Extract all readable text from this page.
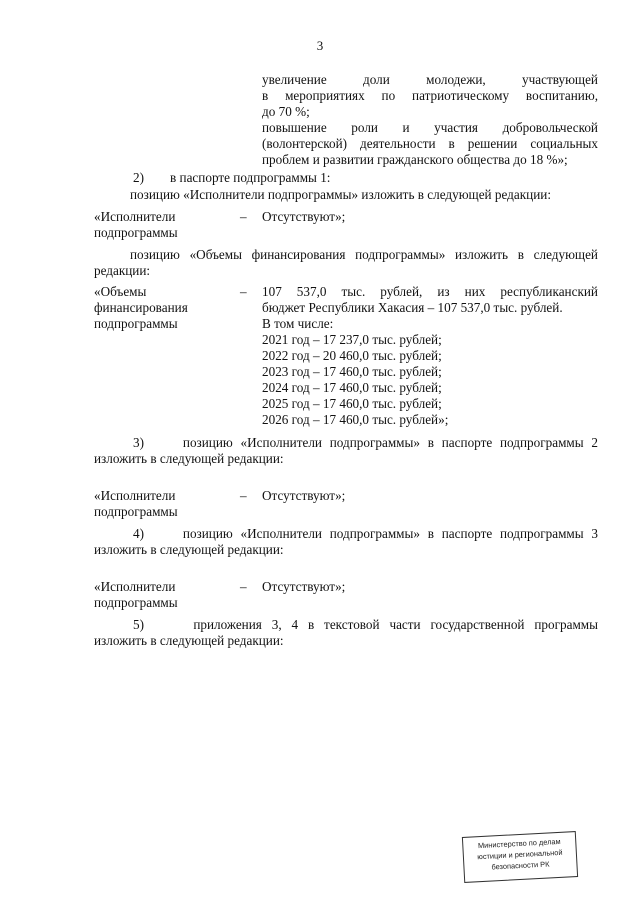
3
увеличение доли молодежи, участвующей
в мероприятиях по патриотическому воспитанию,
до 70 %;
повышение роли и участия добровольческой
(волонтерской) деятельности в решении социальных
проблем и развитии гражданского общества до 18 %»;
2) в паспорте подпрограммы 1:
позицию «Исполнители подпрограммы» изложить в следующей редакции:
«Исполнители
подпрограммы
– Отсутствуют»;
позицию «Объемы финансирования подпрограммы» изложить в следующей
редакции:
«Объемы
финансирования
подпрограммы
– 107 537,0 тыс. рублей, из них республиканский
бюджет Республики Хакасия – 107 537,0 тыс. рублей.
В том числе:
2021 год – 17 237,0 тыс. рублей;
2022 год – 20 460,0 тыс. рублей;
2023 год – 17 460,0 тыс. рублей;
2024 год – 17 460,0 тыс. рублей;
2025 год – 17 460,0 тыс. рублей;
2026 год – 17 460,0 тыс. рублей»;
3)     позицию «Исполнители подпрограммы» в паспорте подпрограммы 2
изложить в следующей редакции:
«Исполнители
подпрограммы
– Отсутствуют»;
4)     позицию «Исполнители подпрограммы» в паспорте подпрограммы 3
изложить в следующей редакции:
«Исполнители
подпрограммы
– Отсутствуют»;
5)     приложения 3, 4 в текстовой части государственной программы
изложить в следующей редакции:
Министерство по делам
юстиции и региональной
безопасности РК
